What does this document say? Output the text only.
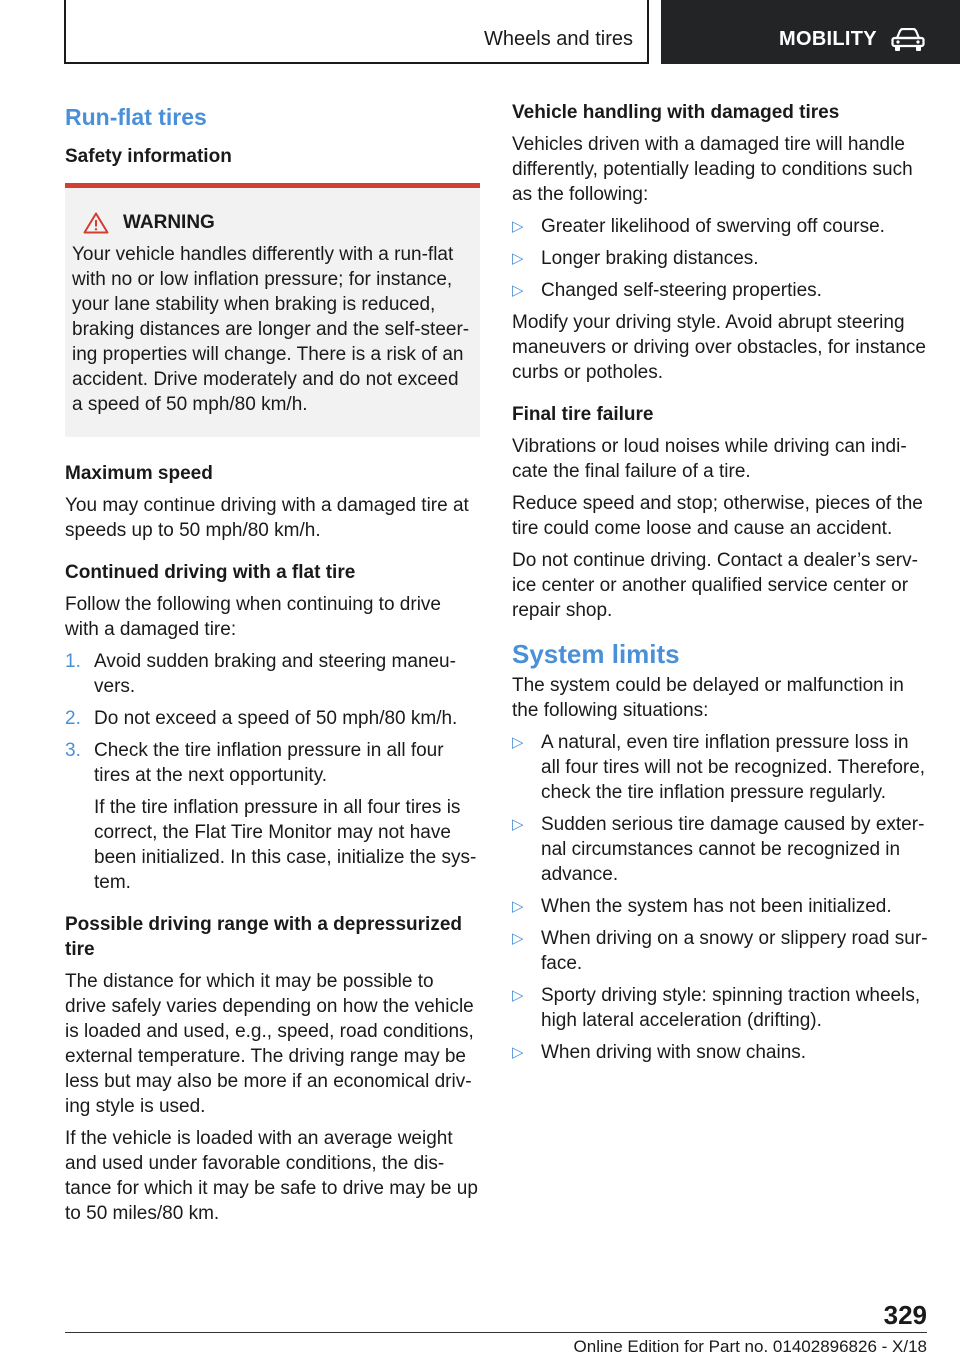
Wheels and tires	MOBILITY
Run-flat tires
Safety information
WARNING

Your vehicle handles differently with a run-flat with no or low inflation pressure; for instance, your lane stability when braking is reduced, braking distances are longer and the self-steering properties will change. There is a risk of an accident. Drive moderately and do not exceed a speed of 50 mph/80 km/h.

Maximum speed

You may continue driving with a damaged tire at speeds up to 50 mph/80 km/h.

Continued driving with a flat tire

Follow the following when continuing to drive with a damaged tire:

1. Avoid sudden braking and steering maneuvers.
2. Do not exceed a speed of 50 mph/80 km/h.
3. Check the tire inflation pressure in all four tires at the next opportunity.
If the tire inflation pressure in all four tires is correct, the Flat Tire Monitor may not have been initialized. In this case, initialize the system.

Possible driving range with a depressurized tire

The distance for which it may be possible to drive safely varies depending on how the vehicle is loaded and used, e.g., speed, road conditions, external temperature. The driving range may be less but may also be more if an economical driving style is used.

If the vehicle is loaded with an average weight and used under favorable conditions, the distance for which it may be safe to drive may be up to 50 miles/80 km.

Vehicle handling with damaged tires

Vehicles driven with a damaged tire will handle differently, potentially leading to conditions such as the following:

▷ Greater likelihood of swerving off course.
▷ Longer braking distances.
▷ Changed self-steering properties.

Modify your driving style. Avoid abrupt steering maneuvers or driving over obstacles, for instance curbs or potholes.

Final tire failure

Vibrations or loud noises while driving can indicate the final failure of a tire.

Reduce speed and stop; otherwise, pieces of the tire could come loose and cause an accident.

Do not continue driving. Contact a dealer’s service center or another qualified service center or repair shop.

System limits

The system could be delayed or malfunction in the following situations:

▷ A natural, even tire inflation pressure loss in all four tires will not be recognized. Therefore, check the tire inflation pressure regularly.
▷ Sudden serious tire damage caused by external circumstances cannot be recognized in advance.
▷ When the system has not been initialized.
▷ When driving on a snowy or slippery road surface.
▷ Sporty driving style: spinning traction wheels, high lateral acceleration (drifting).
▷ When driving with snow chains.
329
Online Edition for Part no. 01402896826 - X/18
